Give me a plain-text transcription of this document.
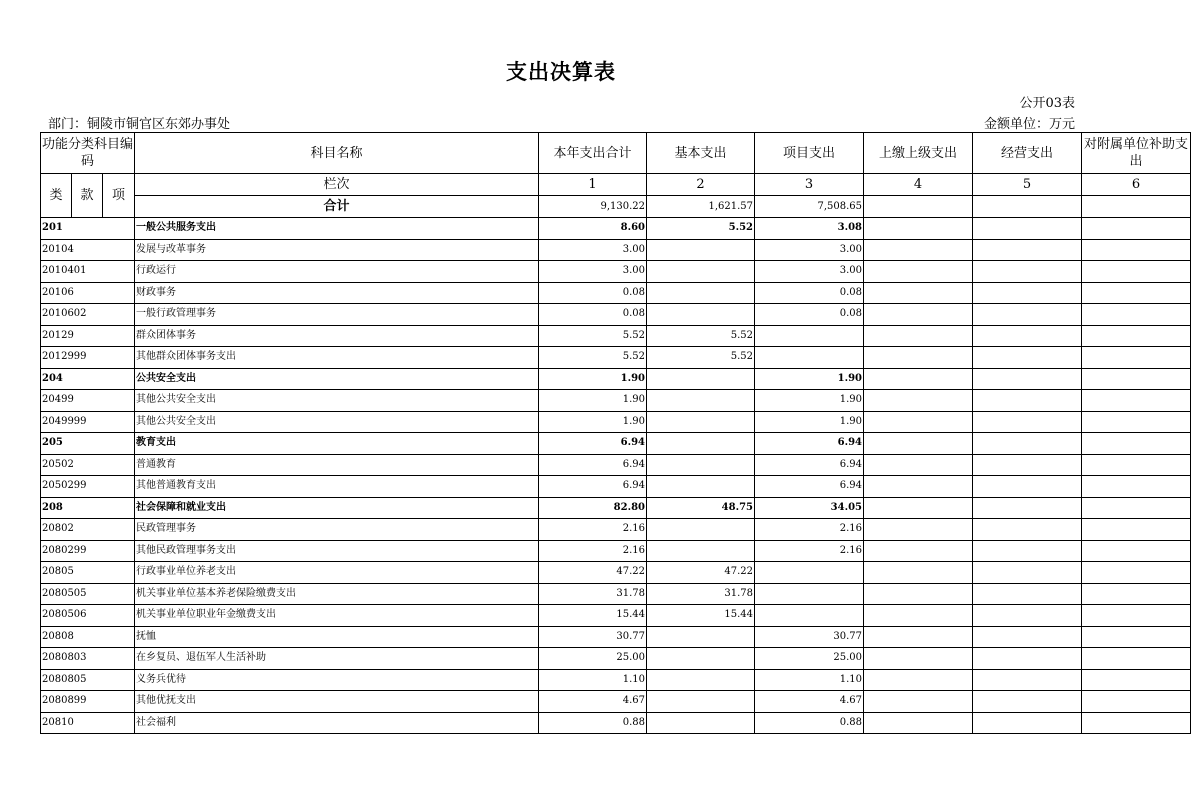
支出决算表
公开03表
部门：铜陵市铜官区东郊办事处	金额单位：万元
功能分类科目编码			科目名称	本年支出合计	基本支出	项目支出	上缴上级支出	经营支出	对附属单位补助支出
类	款	项	栏次	1	2	3	4	5	6
			合计	9,130.22	1,621.57	7,508.65			
201			一般公共服务支出	8.60	5.52	3.08			
20104			发展与改革事务	3.00		3.00			
2010401			行政运行	3.00		3.00			
20106			财政事务	0.08		0.08			
2010602			一般行政管理事务	0.08		0.08			
20129			群众团体事务	5.52	5.52				
2012999			其他群众团体事务支出	5.52	5.52				
204			公共安全支出	1.90		1.90			
20499			其他公共安全支出	1.90		1.90			
2049999			其他公共安全支出	1.90		1.90			
205			教育支出	6.94		6.94			
20502			普通教育	6.94		6.94			
2050299			其他普通教育支出	6.94		6.94			
208			社会保障和就业支出	82.80	48.75	34.05			
20802			民政管理事务	2.16		2.16			
2080299			其他民政管理事务支出	2.16		2.16			
20805			行政事业单位养老支出	47.22	47.22				
2080505			机关事业单位基本养老保险缴费支出	31.78	31.78				
2080506			机关事业单位职业年金缴费支出	15.44	15.44				
20808			抚恤	30.77		30.77			
2080803			在乡复员、退伍军人生活补助	25.00		25.00			
2080805			义务兵优待	1.10		1.10			
2080899			其他优抚支出	4.67		4.67			
20810			社会福利	0.88		0.88			
